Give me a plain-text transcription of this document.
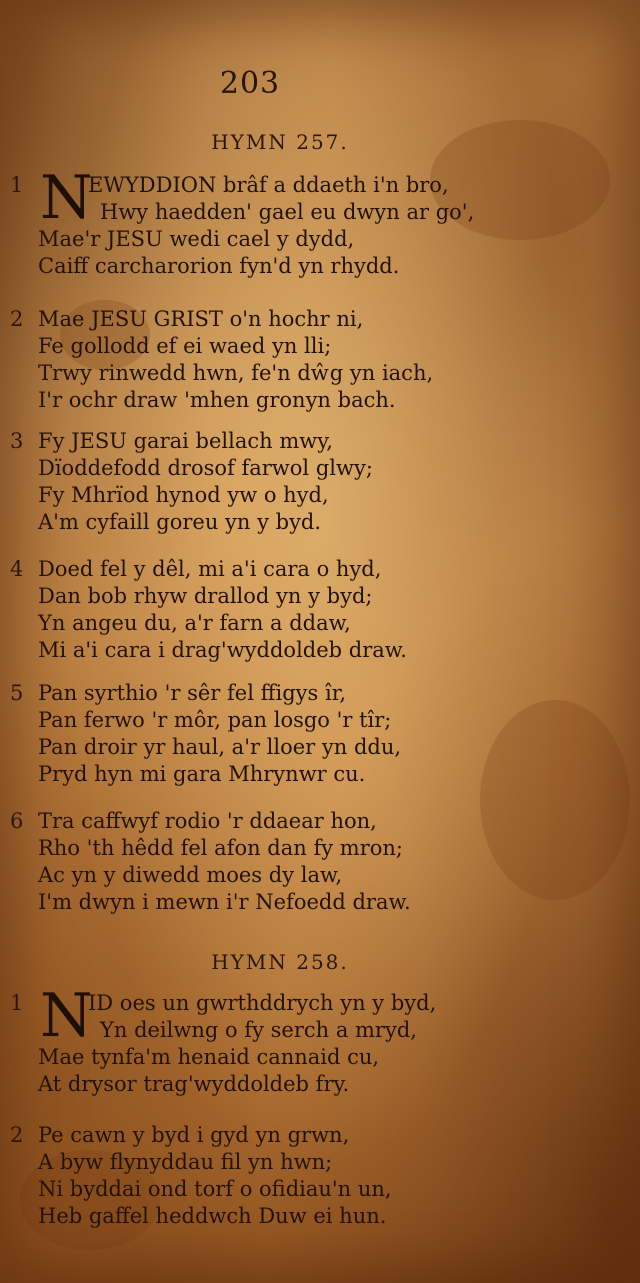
203
HYMN 257.
1 N
EWYDDION brâf a ddaeth i'n bro,
Hwy haedden' gael eu dwyn ar go',
Mae'r JESU wedi cael y dydd,
Caiff carcharorion fyn'd yn rhydd.
2 Mae JESU GRIST o'n hochr ni,
Fe gollodd ef ei waed yn lli;
Trwy rinwedd hwn, fe'n dŵg yn iach,
I'r ochr draw 'mhen gronyn bach.
3 Fy JESU garai bellach mwy,
Dïoddefodd drosof farwol glwy;
Fy Mhrïod hynod yw o hyd,
A'm cyfaill goreu yn y byd.
4 Doed fel y dêl, mi a'i cara o hyd,
Dan bob rhyw drallod yn y byd;
Yn angeu du, a'r farn a ddaw,
Mi a'i cara i drag'wyddoldeb draw.
5 Pan syrthio 'r sêr fel ffigys îr,
Pan ferwo 'r môr, pan losgo 'r tîr;
Pan droir yr haul, a'r lloer yn ddu,
Pryd hyn mi gara Mhrynwr cu.
6 Tra caffwyf rodio 'r ddaear hon,
Rho 'th hêdd fel afon dan fy mron;
Ac yn y diwedd moes dy law,
I'm dwyn i mewn i'r Nefoedd draw.
HYMN 258.
1 N
ID oes un gwrthddrych yn y byd,
Yn deilwng o fy serch a mryd,
Mae tynfa'm henaid cannaid cu,
At drysor trag'wyddoldeb fry.
2 Pe cawn y byd i gyd yn grwn,
A byw flynyddau fil yn hwn;
Ni byddai ond torf o ofidiau'n un,
Heb gaffel heddwch Duw ei hun.
